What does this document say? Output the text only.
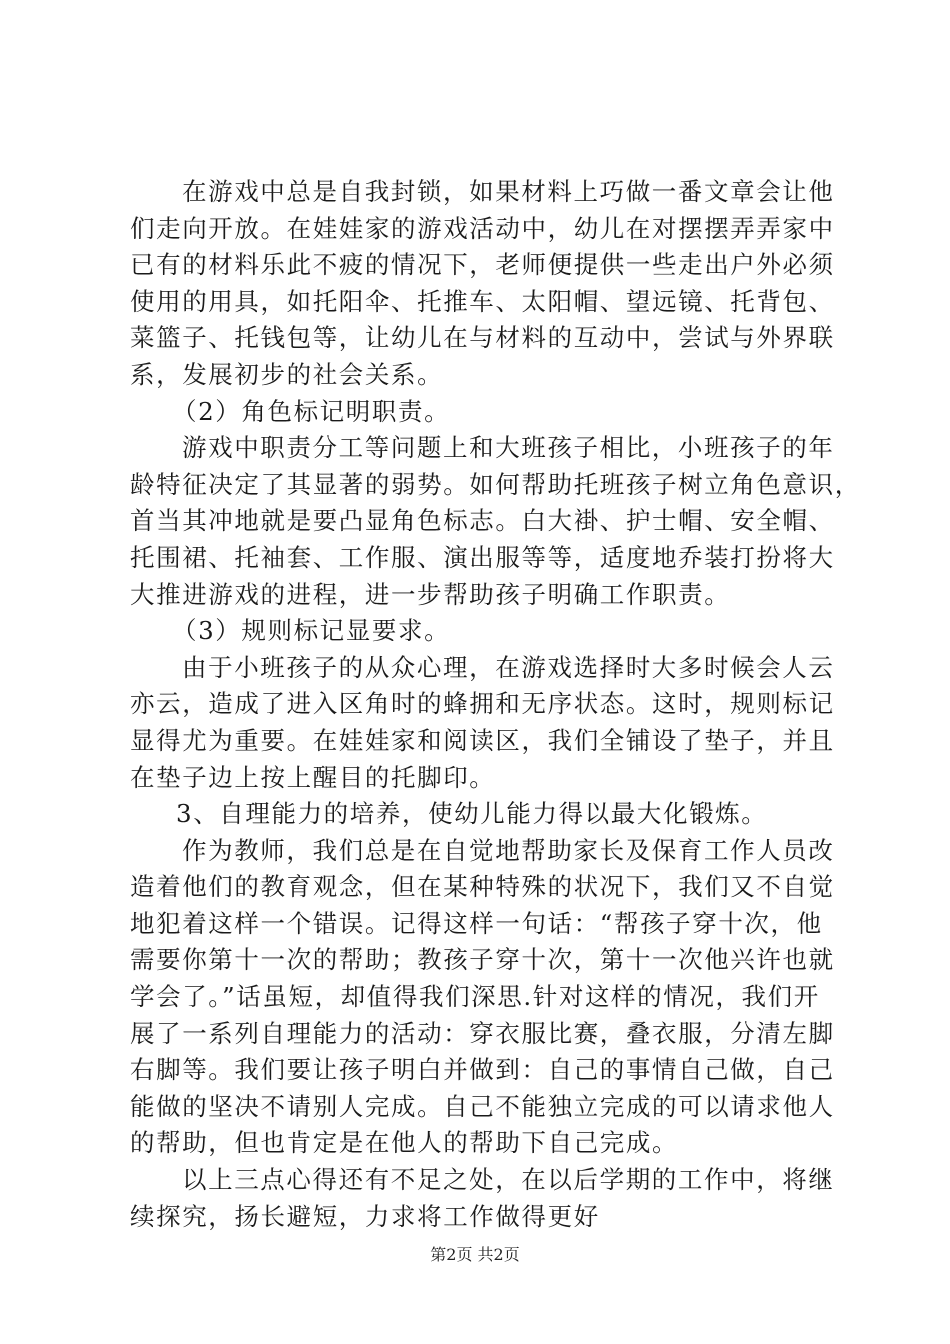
在游戏中总是自我封锁，如果材料上巧做一番文章会让他
们走向开放。在娃娃家的游戏活动中，幼儿在对摆摆弄弄家中
已有的材料乐此不疲的情况下，老师便提供一些走出户外必须
使用的用具，如托阳伞、托推车、太阳帽、望远镜、托背包、
菜篮子、托钱包等，让幼儿在与材料的互动中，尝试与外界联
系，发展初步的社会关系。
（2）角色标记明职责。
游戏中职责分工等问题上和大班孩子相比，小班孩子的年
龄特征决定了其显著的弱势。如何帮助托班孩子树立角色意识，
首当其冲地就是要凸显角色标志。白大褂、护士帽、安全帽、
托围裙、托袖套、工作服、演出服等等，适度地乔装打扮将大
大推进游戏的进程，进一步帮助孩子明确工作职责。
（3）规则标记显要求。
由于小班孩子的从众心理，在游戏选择时大多时候会人云
亦云，造成了进入区角时的蜂拥和无序状态。这时，规则标记
显得尤为重要。在娃娃家和阅读区，我们全铺设了垫子，并且
在垫子边上按上醒目的托脚印。
3、自理能力的培养，使幼儿能力得以最大化锻炼。
作为教师，我们总是在自觉地帮助家长及保育工作人员改
造着他们的教育观念，但在某种特殊的状况下，我们又不自觉
地犯着这样一个错误。记得这样一句话：“帮孩子穿十次，他
需要你第十一次的帮助；教孩子穿十次，第十一次他兴许也就
学会了。”话虽短，却值得我们深思.针对这样的情况，我们开
展了一系列自理能力的活动：穿衣服比赛，叠衣服，分清左脚
右脚等。我们要让孩子明白并做到：自己的事情自己做，自己
能做的坚决不请别人完成。自己不能独立完成的可以请求他人
的帮助，但也肯定是在他人的帮助下自己完成。
以上三点心得还有不足之处，在以后学期的工作中，将继
续探究，扬长避短，力求将工作做得更好
第2页 共2页
